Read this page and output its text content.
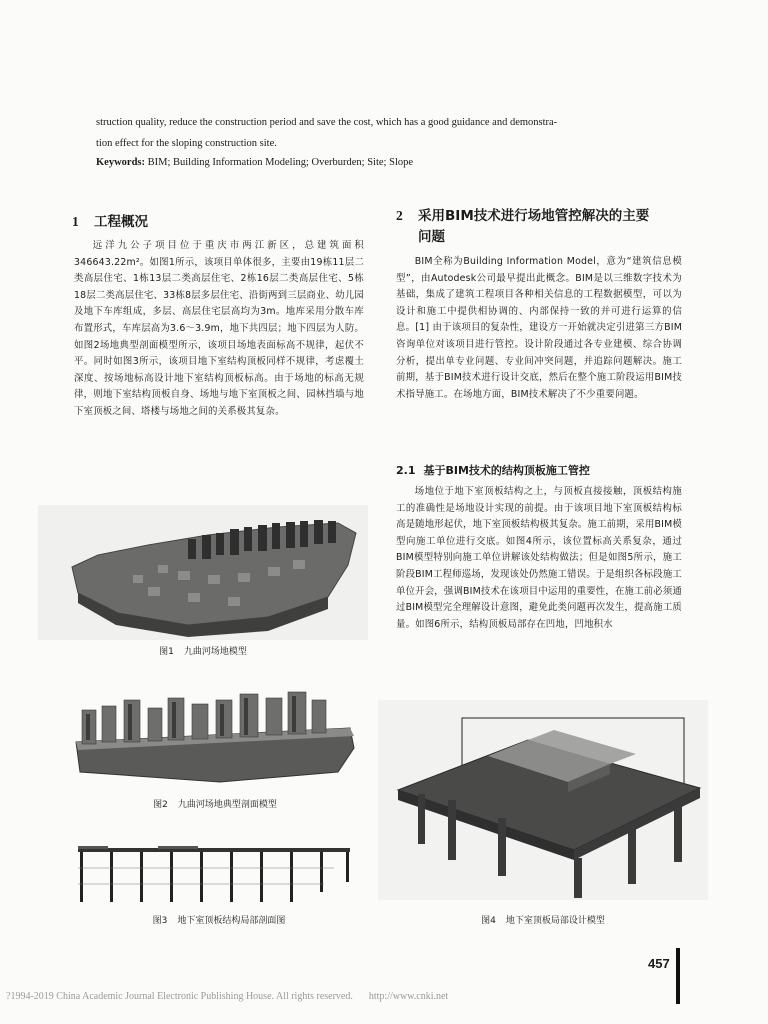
struction quality, reduce the construction period and save the cost, which has a good guidance and demonstra-
tion effect for the sloping construction site.
Keywords: BIM; Building Information Modeling; Overburden; Site; Slope
1 工程概况

远洋九公子项目位于重庆市两江新区，总建筑面积346643.22m²。如图1所示，该项目单体很多，主要由19栋11层二类高层住宅、1栋13层二类高层住宅、2栋16层二类高层住宅、5栋18层二类高层住宅、33栋8层多层住宅、沿街两到三层商业、幼儿园及地下车库组成，多层、高层住宅层高均为3m。地库采用分散车库布置形式，车库层高为3.6～3.9m，地下共四层；地下四层为人防。如图2场地典型剖面模型所示，该项目场地表面标高不规律，起伏不平。同时如图3所示，该项目地下室结构顶板同样不规律，考虑覆土深度、按场地标高设计地下室结构顶板标高。由于场地的标高无规律，则地下室结构顶板自身、场地与地下室顶板之间、园林挡墙与地下室顶板之间、塔楼与场地之间的关系极其复杂。

2 采用BIM技术进行场地管控解决的主要
问题

BIM全称为Building Information Model，意为“建筑信息模型”，由Autodesk公司最早提出此概念。BIM是以三维数字技术为基础，集成了建筑工程项目各种相关信息的工程数据模型，可以为设计和施工中提供相协调的、内部保持一致的并可进行运算的信息。[1] 由于该项目的复杂性，建设方一开始就决定引进第三方BIM咨询单位对该项目进行管控。设计阶段通过各专业建模、综合协调分析，提出单专业问题、专业间冲突问题，并追踪问题解决。施工前期，基于BIM技术进行设计交底，然后在整个施工阶段运用BIM技术指导施工。在场地方面，BIM技术解决了不少重要问题。

2.1 基于BIM技术的结构顶板施工管控

场地位于地下室顶板结构之上，与顶板直接接触，顶板结构施工的准确性是场地设计实现的前提。由于该项目地下室顶板结构标高是随地形起伏，地下室顶板结构极其复杂。施工前期，采用BIM模型向施工单位进行交底。如图4所示，该位置标高关系复杂，通过BIM模型特别向施工单位讲解该处结构做法；但是如图5所示，施工阶段BIM工程师巡场，发现该处仍然施工错误。于是组织各标段施工单位开会，强调BIM技术在该项目中运用的重要性，在施工前必须通过BIM模型完全理解设计意图，避免此类问题再次发生，提高施工质量。如图6所示，结构顶板局部存在凹地，凹地积水

图1 九曲河场地模型
图2 九曲河场地典型剖面模型
图3 地下室顶板结构局部剖面图	图4 地下室顶板局部设计模型
457
?1994-2019 China Academic Journal Electronic Publishing House. All rights reserved. http://www.cnki.net
